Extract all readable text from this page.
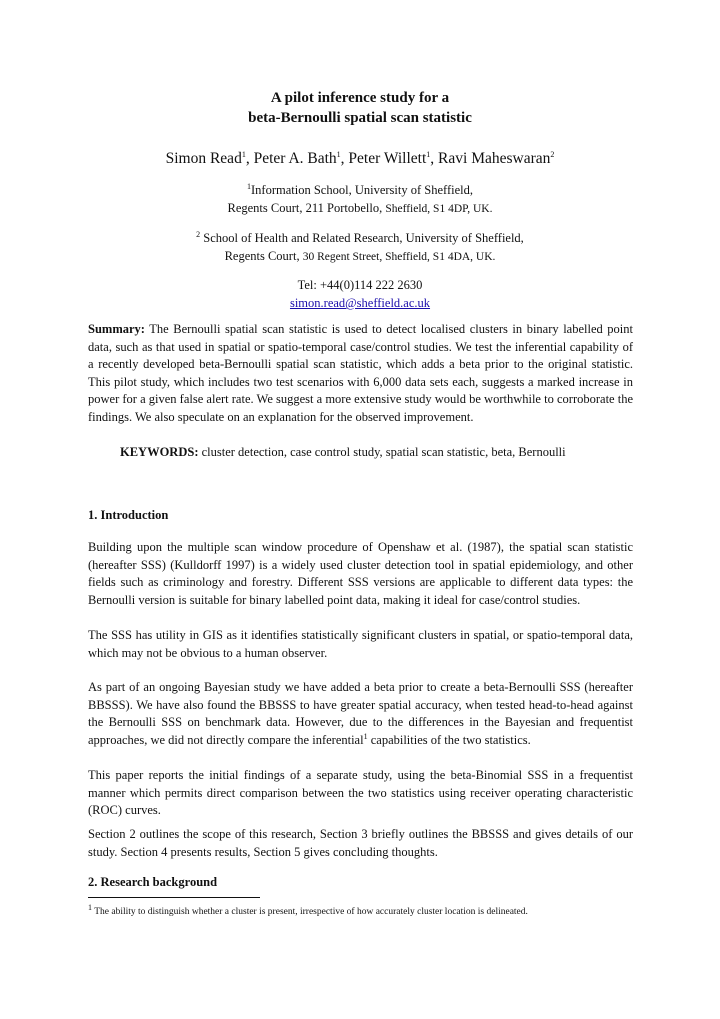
A pilot inference study for a
beta-Bernoulli spatial scan statistic
Simon Read$^1$, Peter A. Bath$^1$, Peter Willett$^1$, Ravi Maheswaran$^2$
$^1$Information School, University of Sheffield,
Regents Court, 211 Portobello, Sheffield, S1 4DP, UK.
$^2$ School of Health and Related Research, University of Sheffield,
Regents Court, 30 Regent Street, Sheffield, S1 4DA, UK.
Tel: +44(0)114 222 2630
simon.read@sheffield.ac.uk
Summary: The Bernoulli spatial scan statistic is used to detect localised clusters in binary labelled point data, such as that used in spatial or spatio-temporal case/control studies. We test the inferential capability of a recently developed beta-Bernoulli spatial scan statistic, which adds a beta prior to the original statistic. This pilot study, which includes two test scenarios with 6,000 data sets each, suggests a marked increase in power for a given false alert rate. We suggest a more extensive study would be worthwhile to corroborate the findings. We also speculate on an explanation for the observed improvement.
KEYWORDS: cluster detection, case control study, spatial scan statistic, beta, Bernoulli
1. Introduction
Building upon the multiple scan window procedure of Openshaw et al. (1987), the spatial scan statistic (hereafter SSS) (Kulldorff 1997) is a widely used cluster detection tool in spatial epidemiology, and other fields such as criminology and forestry. Different SSS versions are applicable to different data types: the Bernoulli version is suitable for binary labelled point data, making it ideal for case/control studies.
The SSS has utility in GIS as it identifies statistically significant clusters in spatial, or spatio-temporal data, which may not be obvious to a human observer.
As part of an ongoing Bayesian study we have added a beta prior to create a beta-Bernoulli SSS (hereafter BBSSS). We have also found the BBSSS to have greater spatial accuracy, when tested head-to-head against the Bernoulli SSS on benchmark data. However, due to the differences in the Bayesian and frequentist approaches, we did not directly compare the inferential$^1$ capabilities of the two statistics.
This paper reports the initial findings of a separate study, using the beta-Binomial SSS in a frequentist manner which permits direct comparison between the two statistics using receiver operating characteristic (ROC) curves.
Section 2 outlines the scope of this research, Section 3 briefly outlines the BBSSS and gives details of our study. Section 4 presents results, Section 5 gives concluding thoughts.
2. Research background
$^1$ The ability to distinguish whether a cluster is present, irrespective of how accurately cluster location is delineated.
